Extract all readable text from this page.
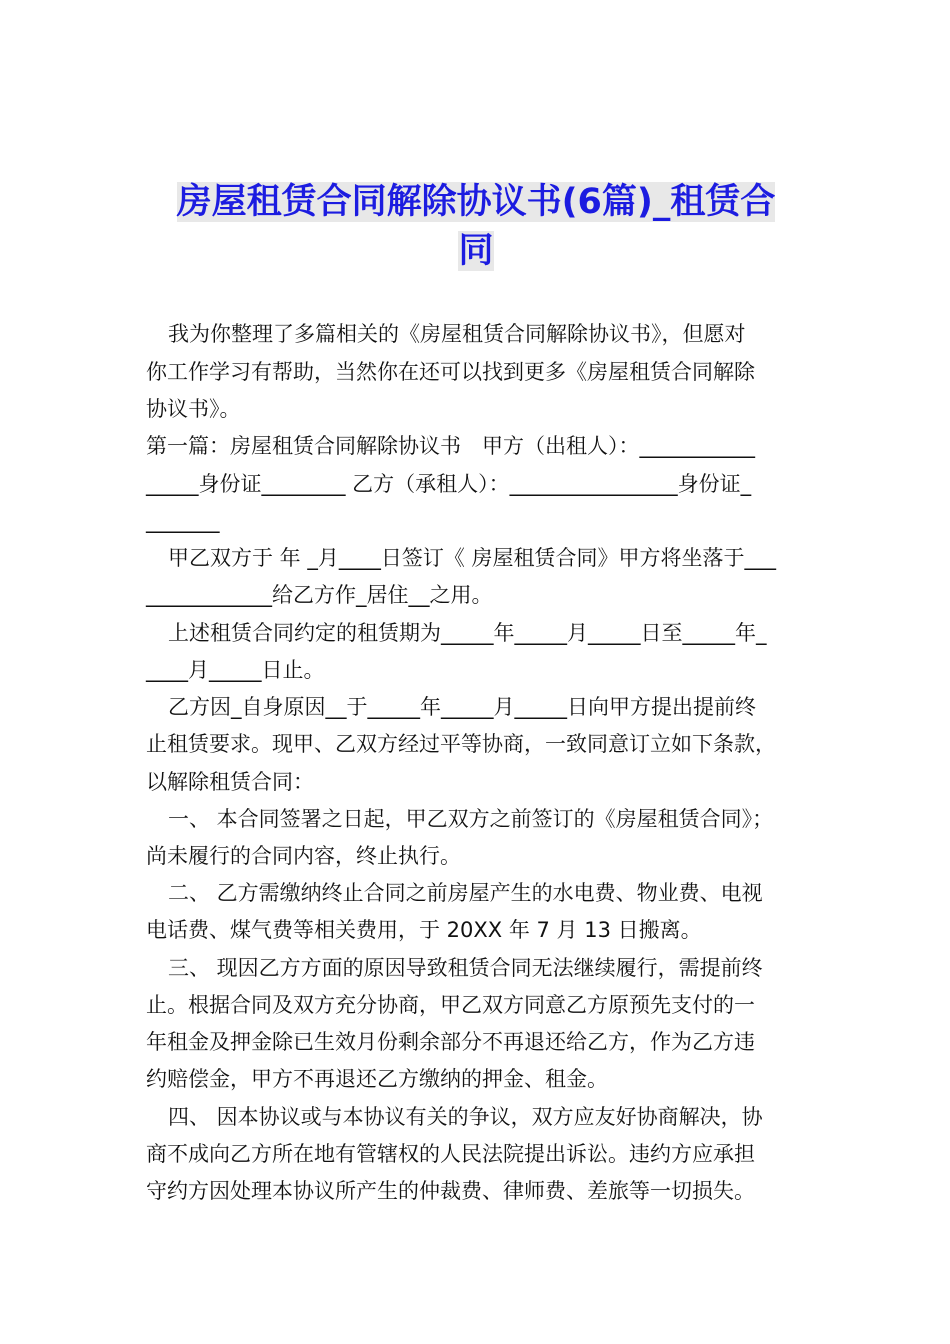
房屋租赁合同解除协议书(6篇)_租赁合
同
我为你整理了多篇相关的《房屋租赁合同解除协议书》，但愿对
你工作学习有帮助，当然你在还可以找到更多《房屋租赁合同解除
协议书》。
第一篇：房屋租赁合同解除协议书　甲方（出租人）：___________
_____身份证________ 乙方（承租人）：________________身份证_
_______
甲乙双方于 年 _月____日签订《 房屋租赁合同》甲方将坐落于___
____________给乙方作_居住__之用。
上述租赁合同约定的租赁期为_____年_____月_____日至_____年_
____月_____日止。
乙方因_自身原因__于_____年_____月_____日向甲方提出提前终
止租赁要求。现甲、乙双方经过平等协商，一致同意订立如下条款，
以解除租赁合同：
一、 本合同签署之日起，甲乙双方之前签订的《房屋租赁合同》；
尚未履行的合同内容，终止执行。
二、 乙方需缴纳终止合同之前房屋产生的水电费、物业费、电视
电话费、煤气费等相关费用，于 20XX 年 7 月 13 日搬离。
三、 现因乙方方面的原因导致租赁合同无法继续履行，需提前终
止。根据合同及双方充分协商，甲乙双方同意乙方原预先支付的一
年租金及押金除已生效月份剩余部分不再退还给乙方，作为乙方违
约赔偿金，甲方不再退还乙方缴纳的押金、租金。
四、 因本协议或与本协议有关的争议，双方应友好协商解决，协
商不成向乙方所在地有管辖权的人民法院提出诉讼。违约方应承担
守约方因处理本协议所产生的仲裁费、律师费、差旅等一切损失。
